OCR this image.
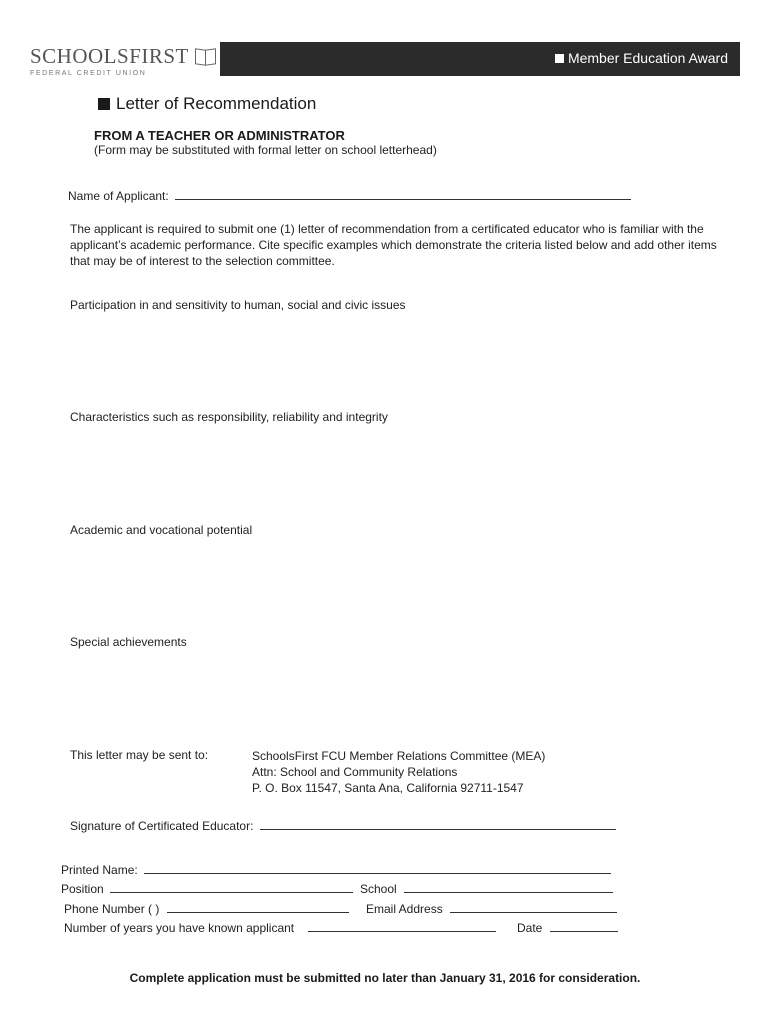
SCHOOLSFIRST
FEDERAL CREDIT UNION
Member Education Award
Letter of Recommendation
FROM A TEACHER OR ADMINISTRATOR
(Form may be substituted with formal letter on school letterhead)
Name of Applicant:
The applicant is required to submit one (1) letter of recommendation from a certificated educator who is familiar with the applicant’s academic performance. Cite specific examples which demonstrate the criteria listed below and add other items that may be of interest to the selection committee.
Participation in and sensitivity to human, social and civic issues
Characteristics such as responsibility, reliability and integrity
Academic and vocational potential
Special achievements
This letter may be sent to:	SchoolsFirst FCU Member Relations Committee (MEA)
Attn: School and Community Relations
P. O. Box 11547, Santa Ana, California 92711-1547
Signature of Certificated Educator:
Printed Name:
Position	School
Phone Number ( )	Email Address
Number of years you have known applicant	Date
Complete application must be submitted no later than January 31, 2016 for consideration.
